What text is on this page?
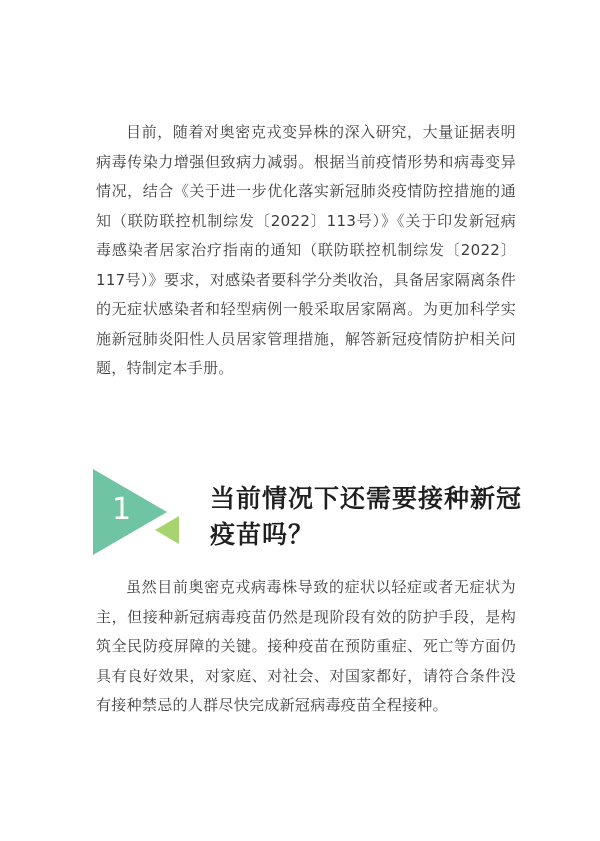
目前，随着对奥密克戎变异株的深入研究，大量证据表明病毒传染力增强但致病力减弱。根据当前疫情形势和病毒变异情况，结合《关于进一步优化落实新冠肺炎疫情防控措施的通知（联防联控机制综发〔2022〕113号）》《关于印发新冠病毒感染者居家治疗指南的通知（联防联控机制综发〔2022〕117号）》要求，对感染者要科学分类收治，具备居家隔离条件的无症状感染者和轻型病例一般采取居家隔离。为更加科学实施新冠肺炎阳性人员居家管理措施，解答新冠疫情防护相关问题，特制定本手册。

1	当前情况下还需要接种新冠疫苗吗？

虽然目前奥密克戎病毒株导致的症状以轻症或者无症状为主，但接种新冠病毒疫苗仍然是现阶段有效的防护手段，是构筑全民防疫屏障的关键。接种疫苗在预防重症、死亡等方面仍具有良好效果，对家庭、对社会、对国家都好，请符合条件没有接种禁忌的人群尽快完成新冠病毒疫苗全程接种。
